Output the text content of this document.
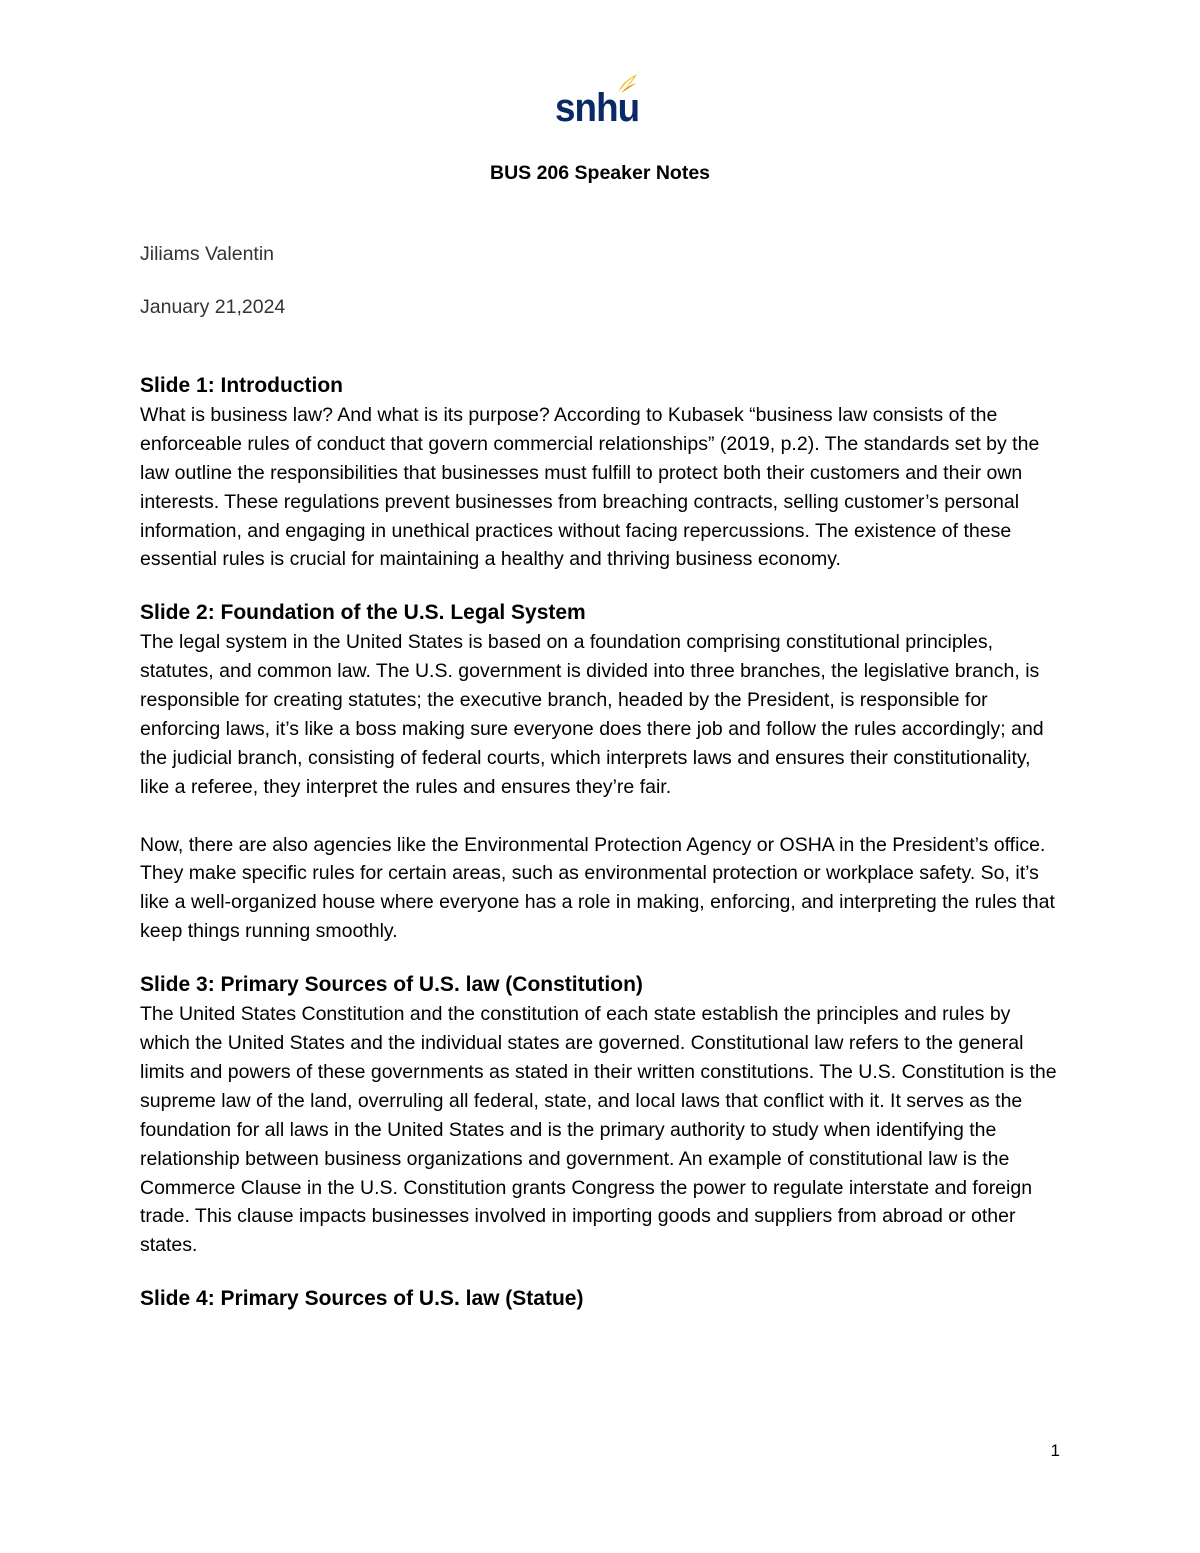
snhu
BUS 206 Speaker Notes
Jiliams Valentin
January 21,2024

Slide 1: Introduction

What is business law? And what is its purpose? According to Kubasek “business law consists of the enforceable rules of conduct that govern commercial relationships” (2019, p.2). The standards set by the law outline the responsibilities that businesses must fulfill to protect both their customers and their own interests. These regulations prevent businesses from breaching contracts, selling customer’s personal information, and engaging in unethical practices without facing repercussions. The existence of these essential rules is crucial for maintaining a healthy and thriving business economy.

Slide 2: Foundation of the U.S. Legal System

The legal system in the United States is based on a foundation comprising constitutional principles, statutes, and common law. The U.S. government is divided into three branches, the legislative branch, is responsible for creating statutes; the executive branch, headed by the President, is responsible for enforcing laws, it’s like a boss making sure everyone does there job and follow the rules accordingly; and the judicial branch, consisting of federal courts, which interprets laws and ensures their constitutionality, like a referee, they interpret the rules and ensures they’re fair.

Now, there are also agencies like the Environmental Protection Agency or OSHA in the President’s office. They make specific rules for certain areas, such as environmental protection or workplace safety. So, it’s like a well-organized house where everyone has a role in making, enforcing, and interpreting the rules that keep things running smoothly.

Slide 3: Primary Sources of U.S. law (Constitution)

The United States Constitution and the constitution of each state establish the principles and rules by which the United States and the individual states are governed. Constitutional law refers to the general limits and powers of these governments as stated in their written constitutions. The U.S. Constitution is the supreme law of the land, overruling all federal, state, and local laws that conflict with it. It serves as the foundation for all laws in the United States and is the primary authority to study when identifying the relationship between business organizations and government. An example of constitutional law is the Commerce Clause in the U.S. Constitution grants Congress the power to regulate interstate and foreign trade. This clause impacts businesses involved in importing goods and suppliers from abroad or other states.

Slide 4: Primary Sources of U.S. law (Statue)

1
